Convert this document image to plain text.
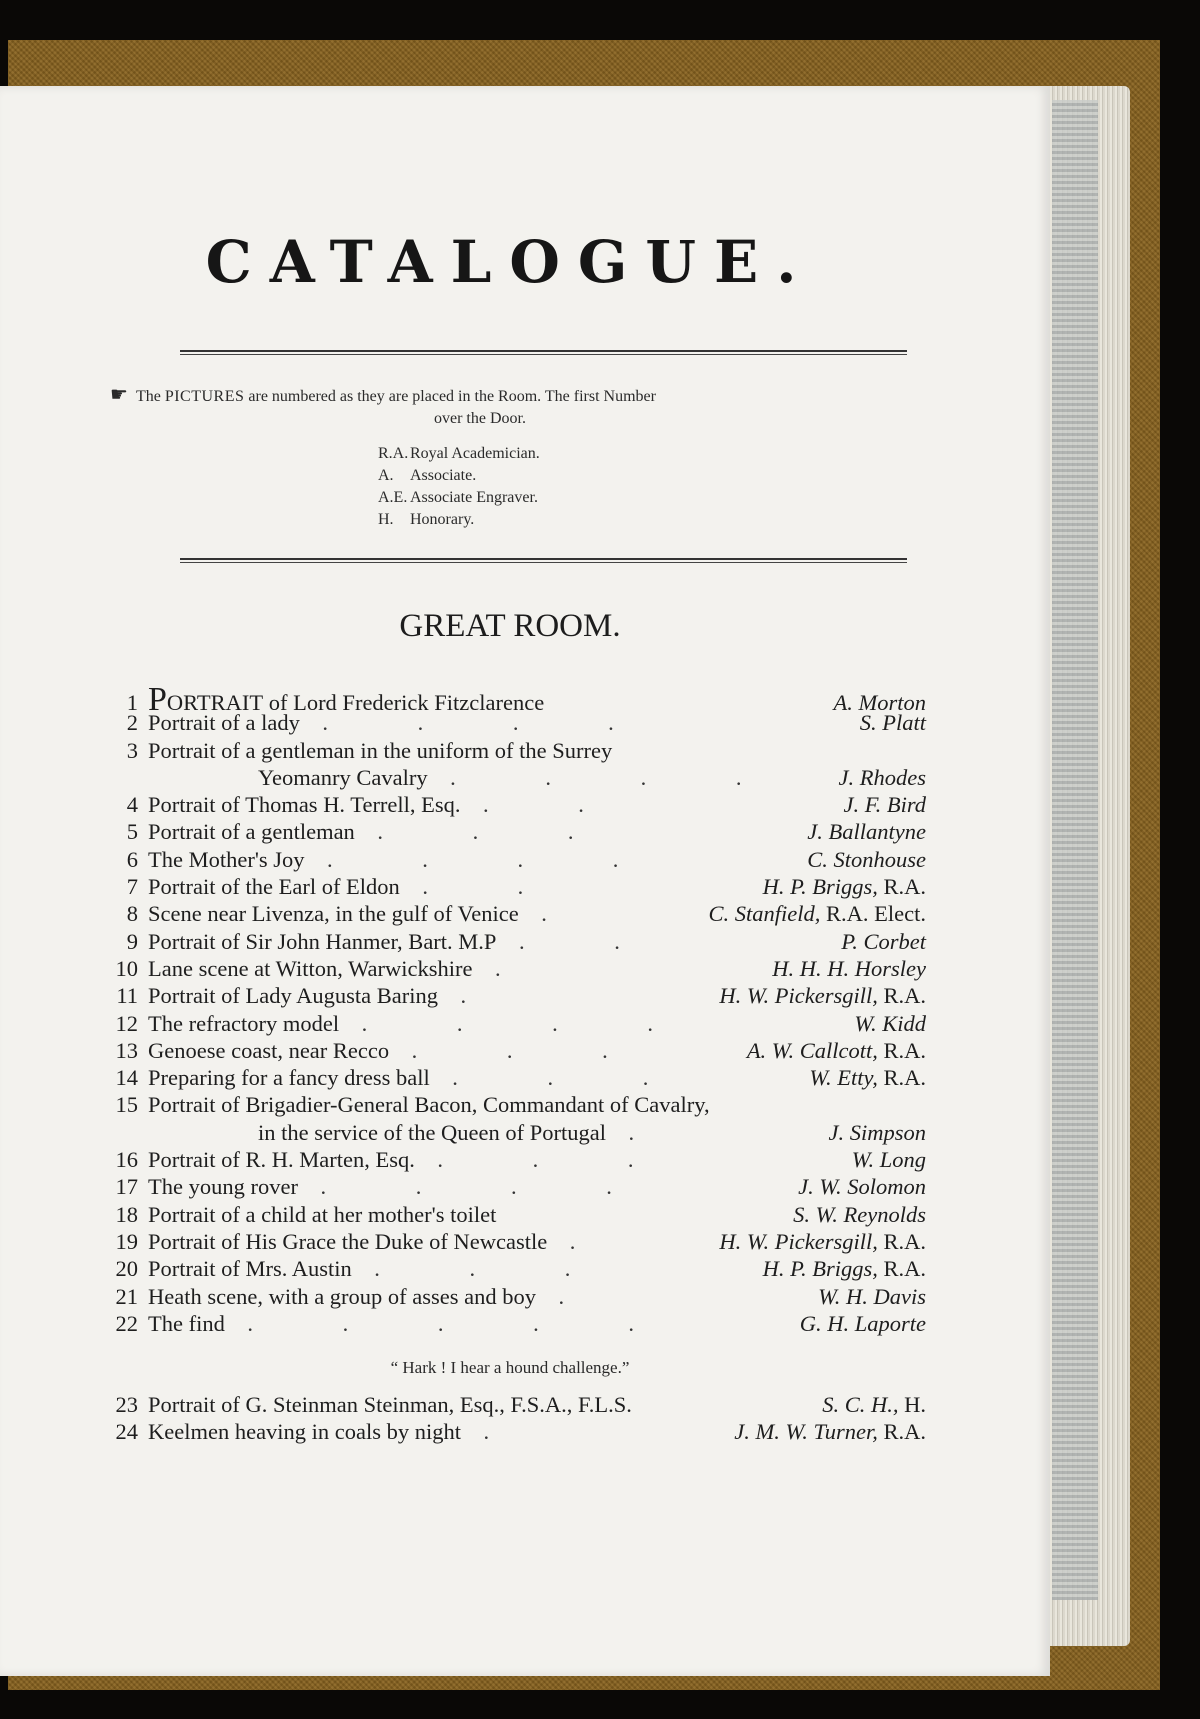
CATALOGUE.
☛ The
PICTURES
are numbered as they are placed in the Room. The first Number
over the Door.
R.A. Royal Academician.
A.	Associate.
A.E. Associate Engraver.
H.	Honorary.
GREAT ROOM.
1 PORTRAIT of Lord Frederick Fitzclarence	A. Morton
2 Portrait of a lady  . . . .	S. Platt
3 Portrait of a gentleman in the uniform of the Surrey 
Yeomanry Cavalry  . . . .	J. Rhodes
4 Portrait of Thomas H. Terrell, Esq.  . .	J. F. Bird
5 Portrait of a gentleman  . . .	J. Ballantyne
6 The Mother's Joy  . . . .	C. Stonhouse
7 Portrait of the Earl of Eldon  . .	H. P. Briggs, R.A.
8 Scene near Livenza, in the gulf of Venice  .	C. Stanfield, R.A. Elect.
9 Portrait of Sir John Hanmer, Bart. M.P  . .	P. Corbet
10 Lane scene at Witton, Warwickshire  .	H. H. H. Horsley
11 Portrait of Lady Augusta Baring  .	H. W. Pickersgill, R.A.
12 The refractory model  . . . .	W. Kidd
13 Genoese coast, near Recco  . . .	A. W. Callcott, R.A.
14 Preparing for a fancy dress ball  . . .	W. Etty, R.A.
15 Portrait of Brigadier-General Bacon, Commandant of Cavalry, 
in the service of the Queen of Portugal  .	J. Simpson
16 Portrait of R. H. Marten, Esq.  . . .	W. Long
17 The young rover  . . . .	J. W. Solomon
18 Portrait of a child at her mother's toilet 	S. W. Reynolds
19 Portrait of His Grace the Duke of Newcastle  .	H. W. Pickersgill, R.A.
20 Portrait of Mrs. Austin  . . .	H. P. Briggs, R.A.
21 Heath scene, with a group of asses and boy  .	W. H. Davis
22 The find  . . . . .	G. H. Laporte
“ Hark ! I hear a hound challenge.”
23 Portrait of G. Steinman Steinman, Esq., F.S.A., F.L.S. 	S. C. H., H.
24 Keelmen heaving in coals by night  .	J. M. W. Turner, R.A.
